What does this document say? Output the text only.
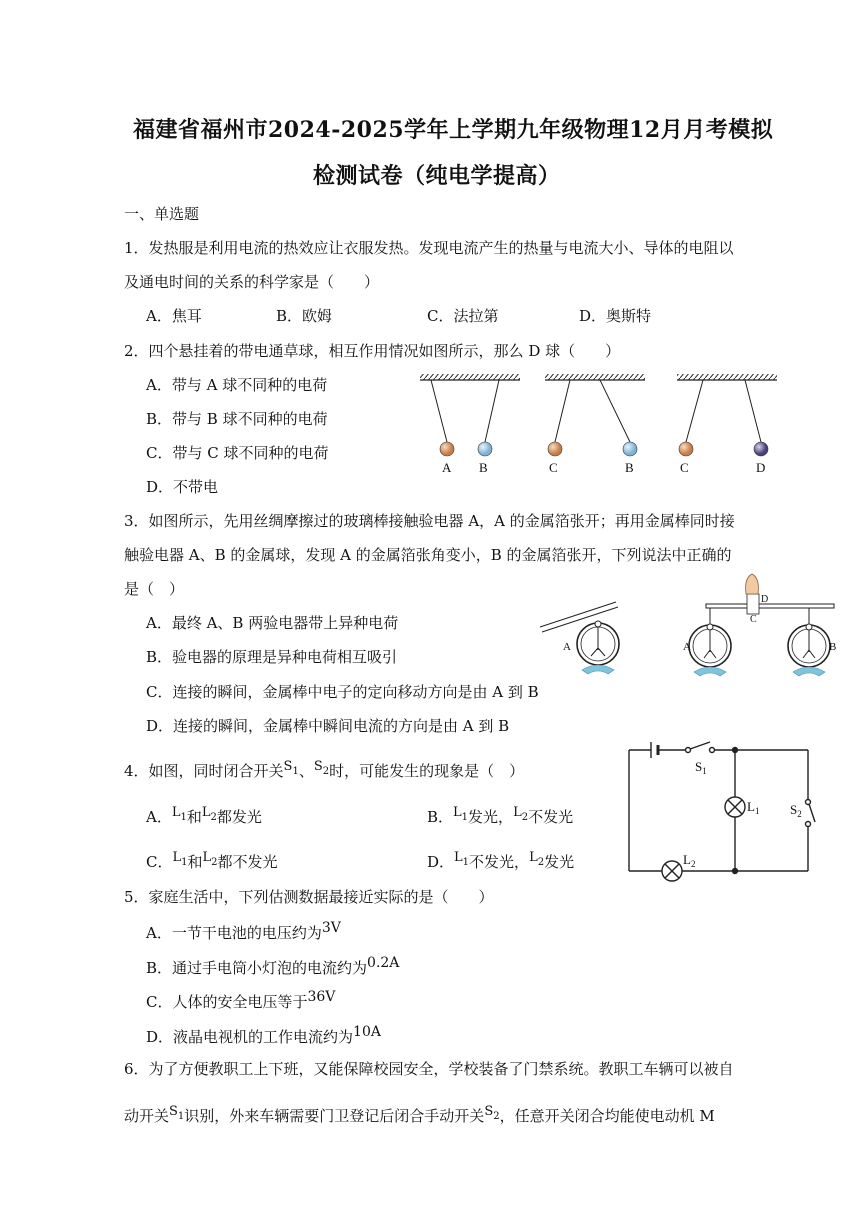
福建省福州市2024-2025学年上学期九年级物理12月月考模拟
检测试卷（纯电学提高）
一、单选题
1．发热服是利用电流的热效应让衣服发热。发现电流产生的热量与电流大小、导体的电阻以
及通电时间的关系的科学家是（　　）
A．焦耳	B．欧姆	C．法拉第	D．奥斯特
2．四个悬挂着的带电通草球，相互作用情况如图所示，那么 D 球（　　）
A．带与 A 球不同种的电荷
B．带与 B 球不同种的电荷
C．带与 C 球不同种的电荷
D．不带电
A B	C	B	C	D
3．如图所示，先用丝绸摩擦过的玻璃棒接触验电器 A，A 的金属箔张开；再用金属棒同时接
触验电器 A、B 的金属球，发现 A 的金属箔张角变小，B 的金属箔张开，下列说法中正确的
是（　）
A．最终 A、B 两验电器带上异种电荷
B．验电器的原理是异种电荷相互吸引
C．连接的瞬间，金属棒中电子的定向移动方向是由 A 到 B
D．连接的瞬间，金属棒中瞬间电流的方向是由 A 到 B
A
D
C
A	B
4．如图，同时闭合开关$S^1$、$S^2$时，可能发生的现象是（　）
A．$L^1$和$L^2$都发光	B．$L^1$发光，$L^2$不发光
C．$L^1$和$L^2$都不发光	D．$L^1$不发光，$L^2$发光
$S_1$
$S_2$
$L_1$
$L_2$
5．家庭生活中，下列估测数据最接近实际的是（　　）
A．一节干电池的电压约为3V
B．通过手电筒小灯泡的电流约为0.2A
C．人体的安全电压等于36V
D．液晶电视机的工作电流约为10A
6．为了方便教职工上下班，又能保障校园安全，学校装备了门禁系统。教职工车辆可以被自
动开关$S^1$识别，外来车辆需要门卫登记后闭合手动开关$S^2$，任意开关闭合均能使电动机 M
